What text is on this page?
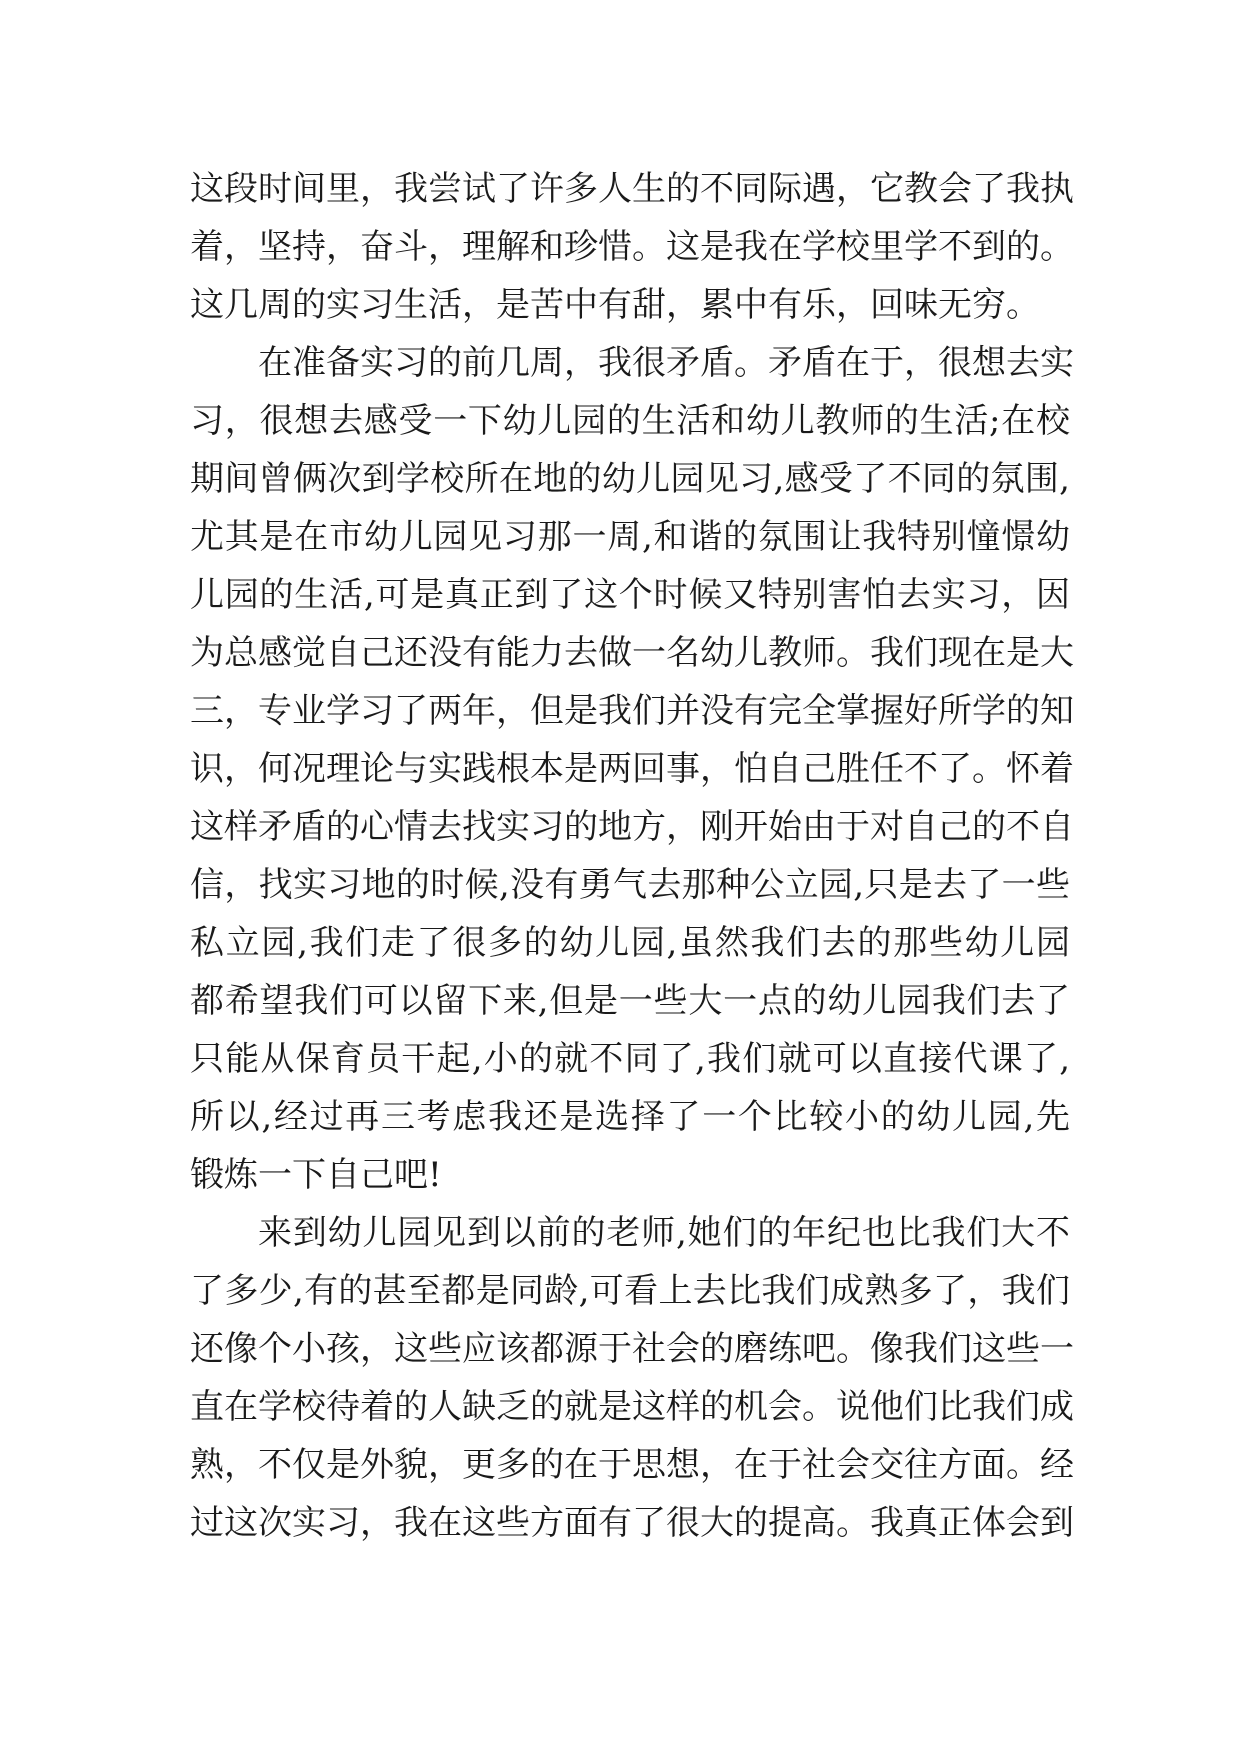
这段时间里，我尝试了许多人生的不同际遇，它教会了我执
着，坚持，奋斗，理解和珍惜。这是我在学校里学不到的。
这几周的实习生活，是苦中有甜，累中有乐，回味无穷。
在准备实习的前几周，我很矛盾。矛盾在于，很想去实
习，很想去感受一下幼儿园的生活和幼儿教师的生活;在校
期间曾俩次到学校所在地的幼儿园见习,感受了不同的氛围,
尤其是在市幼儿园见习那一周,和谐的氛围让我特别憧憬幼
儿园的生活,可是真正到了这个时候又特别害怕去实习，因
为总感觉自己还没有能力去做一名幼儿教师。我们现在是大
三，专业学习了两年，但是我们并没有完全掌握好所学的知
识，何况理论与实践根本是两回事，怕自己胜任不了。怀着
这样矛盾的心情去找实习的地方，刚开始由于对自己的不自
信，找实习地的时候,没有勇气去那种公立园,只是去了一些
私立园,我们走了很多的幼儿园,虽然我们去的那些幼儿园
都希望我们可以留下来,但是一些大一点的幼儿园我们去了
只能从保育员干起,小的就不同了,我们就可以直接代课了,
所以,经过再三考虑我还是选择了一个比较小的幼儿园,先
锻炼一下自己吧!
来到幼儿园见到以前的老师,她们的年纪也比我们大不
了多少,有的甚至都是同龄,可看上去比我们成熟多了，我们
还像个小孩，这些应该都源于社会的磨练吧。像我们这些一
直在学校待着的人缺乏的就是这样的机会。说他们比我们成
熟，不仅是外貌，更多的在于思想，在于社会交往方面。经
过这次实习，我在这些方面有了很大的提高。我真正体会到
